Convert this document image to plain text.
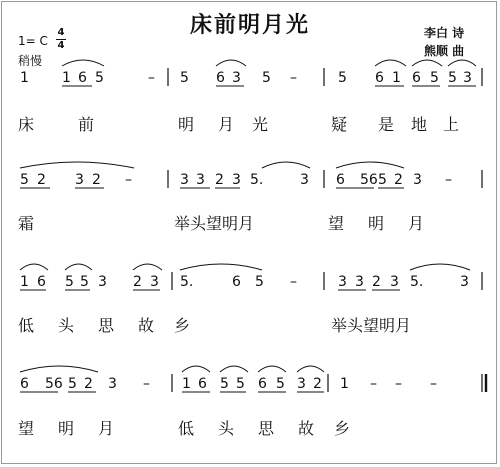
床前明月光
1= C
4
4
稍慢
李白 诗
熊顺 曲
1 1 6 5	– 5 6 3 5 –	5 6 1 6 5 5 3
5 2 3 2 –	3 3 2 3 5.	3 6 56 5 2 3 –
1 6 5 5 3 2 3 5.	6 5 –	3 3 2 3 5.	3
6 56 5 2 3 – 1 6 5 5 6 5 3 2 1 – – –
床	前	明 月 光	疑 是 地 上
霜	举头望明月	望 明 月
低 头 思 故 乡	举头望明月
望 明 月	低 头 思 故 乡
